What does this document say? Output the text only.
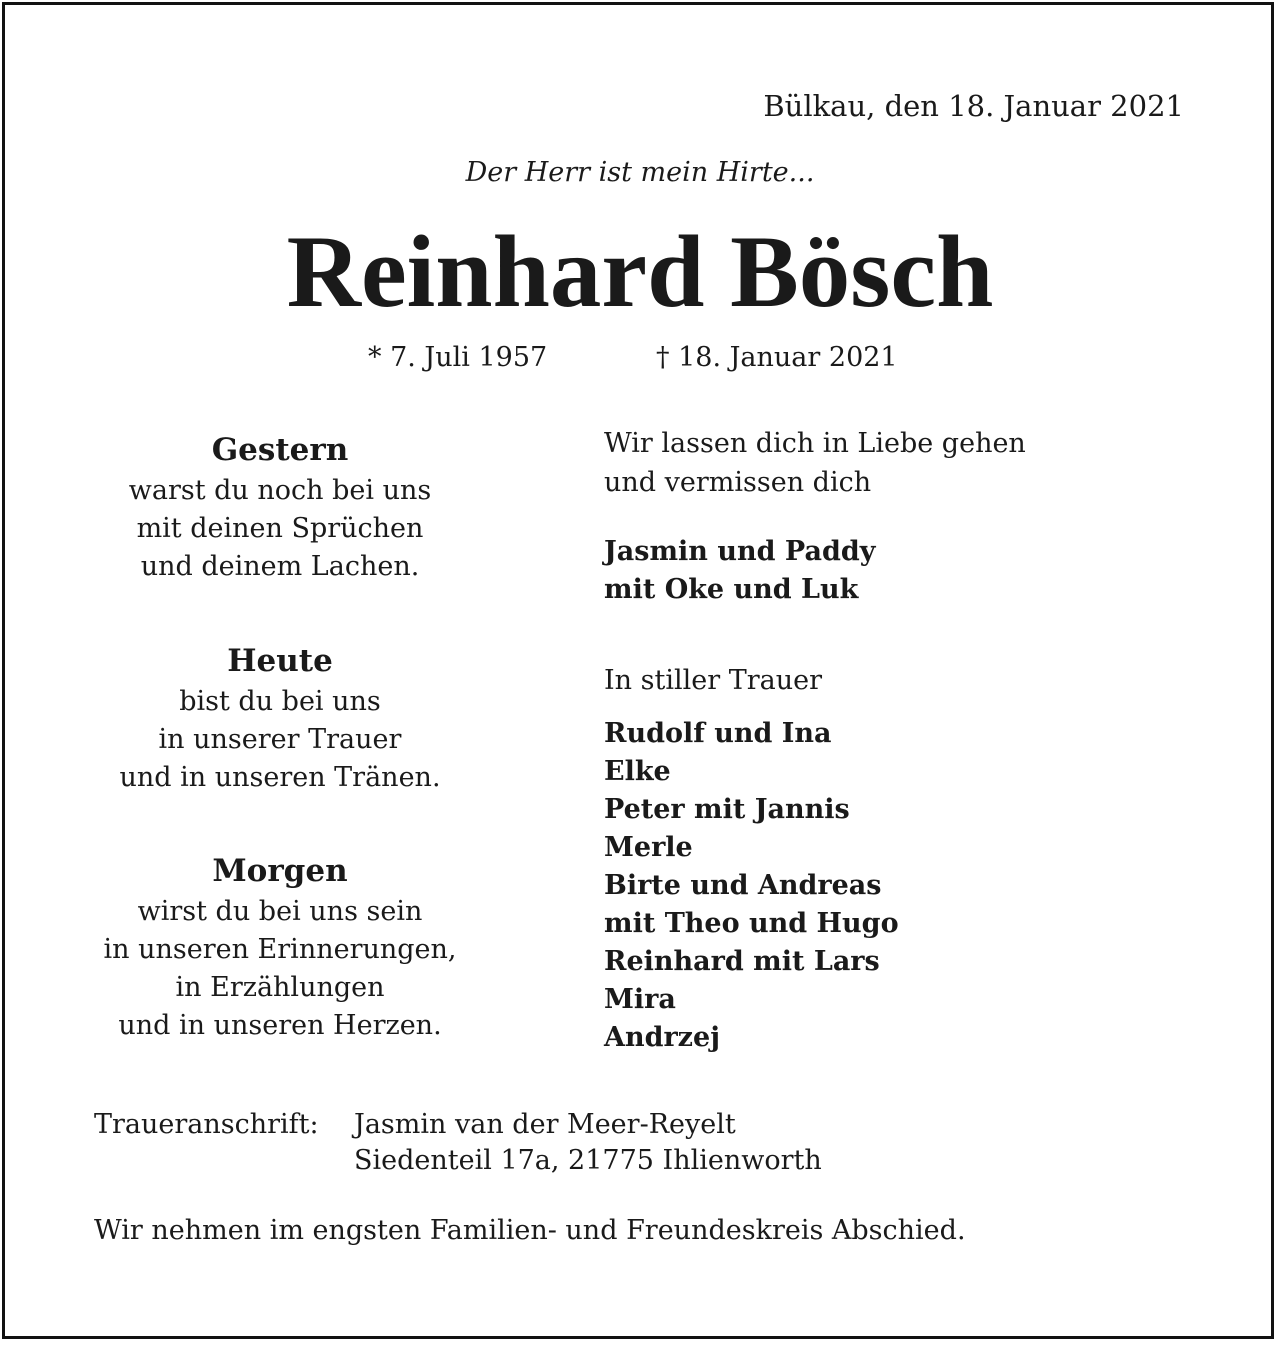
Bülkau, den 18. Januar 2021
Der Herr ist mein Hirte...
Reinhard Bösch
* 7. Juli 1957	† 18. Januar 2021
Gestern
warst du noch bei uns
mit deinen Sprüchen
und deinem Lachen.
Heute
bist du bei uns
in unserer Trauer
und in unseren Tränen.
Morgen
wirst du bei uns sein
in unseren Erinnerungen,
in Erzählungen
und in unseren Herzen.
Wir lassen dich in Liebe gehen
und vermissen dich
Jasmin und Paddy
mit Oke und Luk
In stiller Trauer
Rudolf und Ina
Elke
Peter mit Jannis
Merle
Birte und Andreas
mit Theo und Hugo
Reinhard mit Lars
Mira
Andrzej
Traueranschrift: Jasmin van der Meer-Reyelt
Siedenteil 17a, 21775 Ihlienworth
Wir nehmen im engsten Familien- und Freundeskreis Abschied.
